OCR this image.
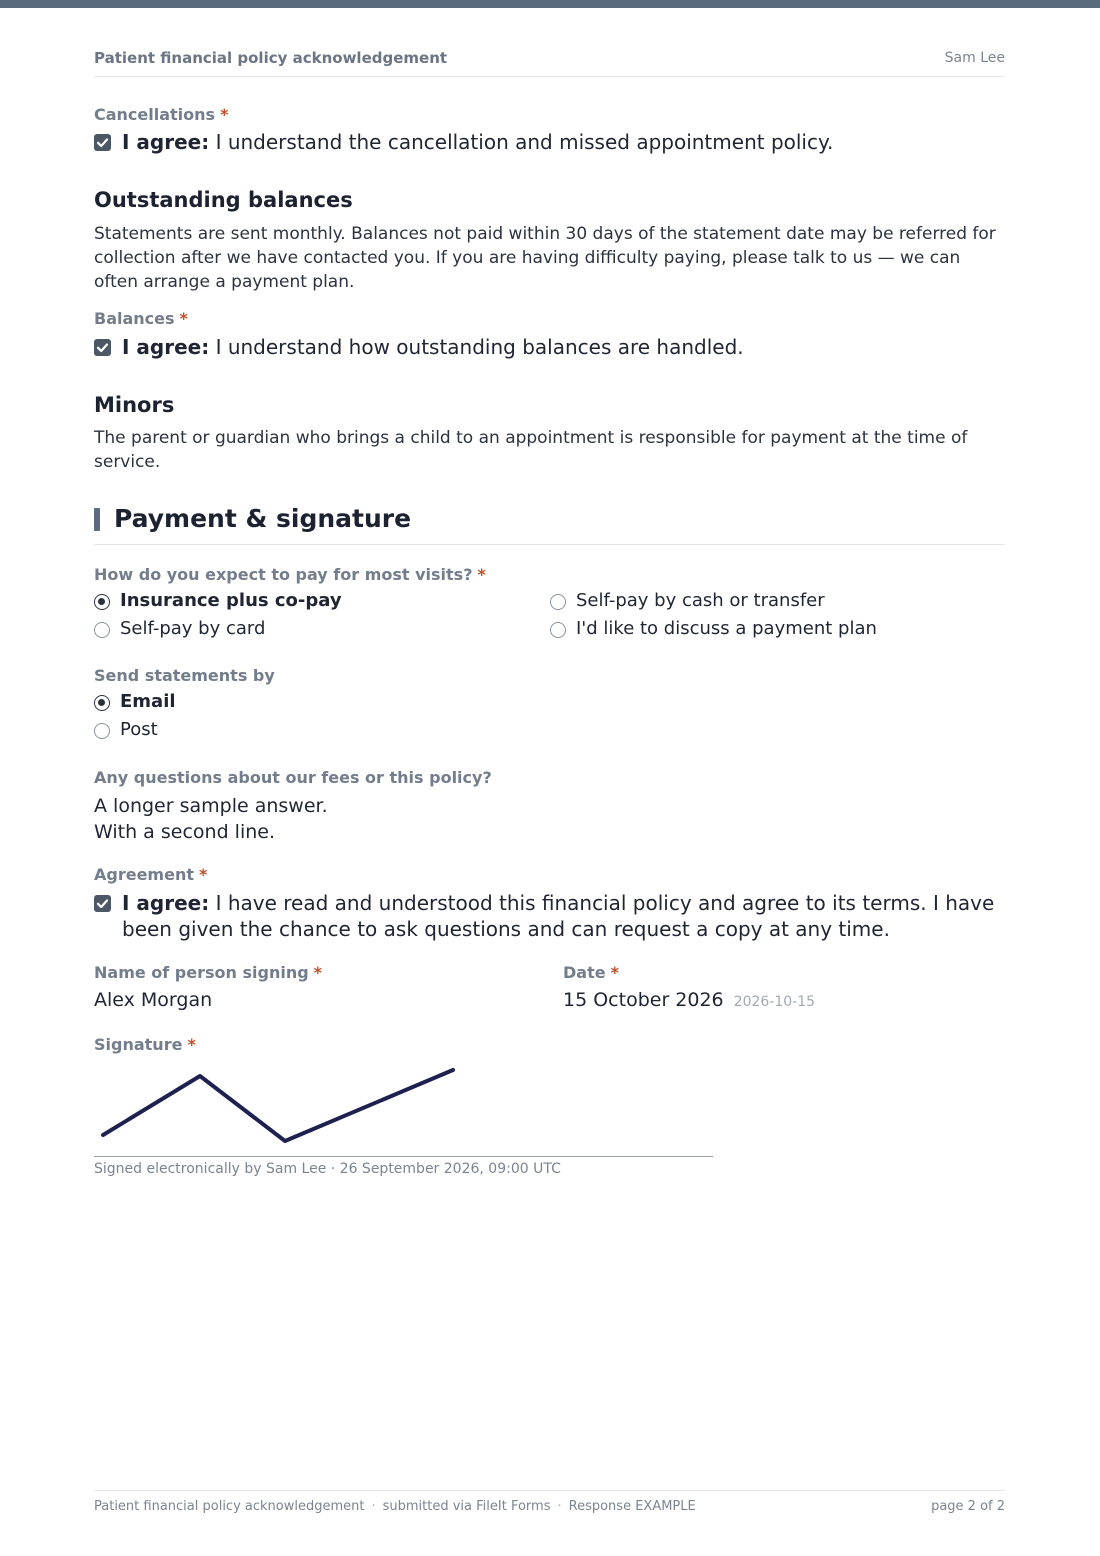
Patient financial policy acknowledgement	Sam Lee
Cancellations *
I agree: I understand the cancellation and missed appointment policy.
Outstanding balances
Statements are sent monthly. Balances not paid within 30 days of the statement date may be referred for collection after we have contacted you. If you are having difficulty paying, please talk to us — we can often arrange a payment plan.
Balances *
I agree: I understand how outstanding balances are handled.
Minors
The parent or guardian who brings a child to an appointment is responsible for payment at the time of service.
Payment & signature
How do you expect to pay for most visits? *
Insurance plus co-pay
Self-pay by card
Self-pay by cash or transfer
I'd like to discuss a payment plan
Send statements by
Email
Post
Any questions about our fees or this policy?
A longer sample answer.
With a second line.
Agreement *
I agree: I have read and understood this financial policy and agree to its terms. I have been given the chance to ask questions and can request a copy at any time.
Name of person signing *
Alex Morgan
Date *
15 October 2026 2026-10-15
Signature *
Signed electronically by Sam Lee · 26 September 2026, 09:00 UTC
Patient financial policy acknowledgement · submitted via FileIt Forms · Response EXAMPLE	page 2 of 2
